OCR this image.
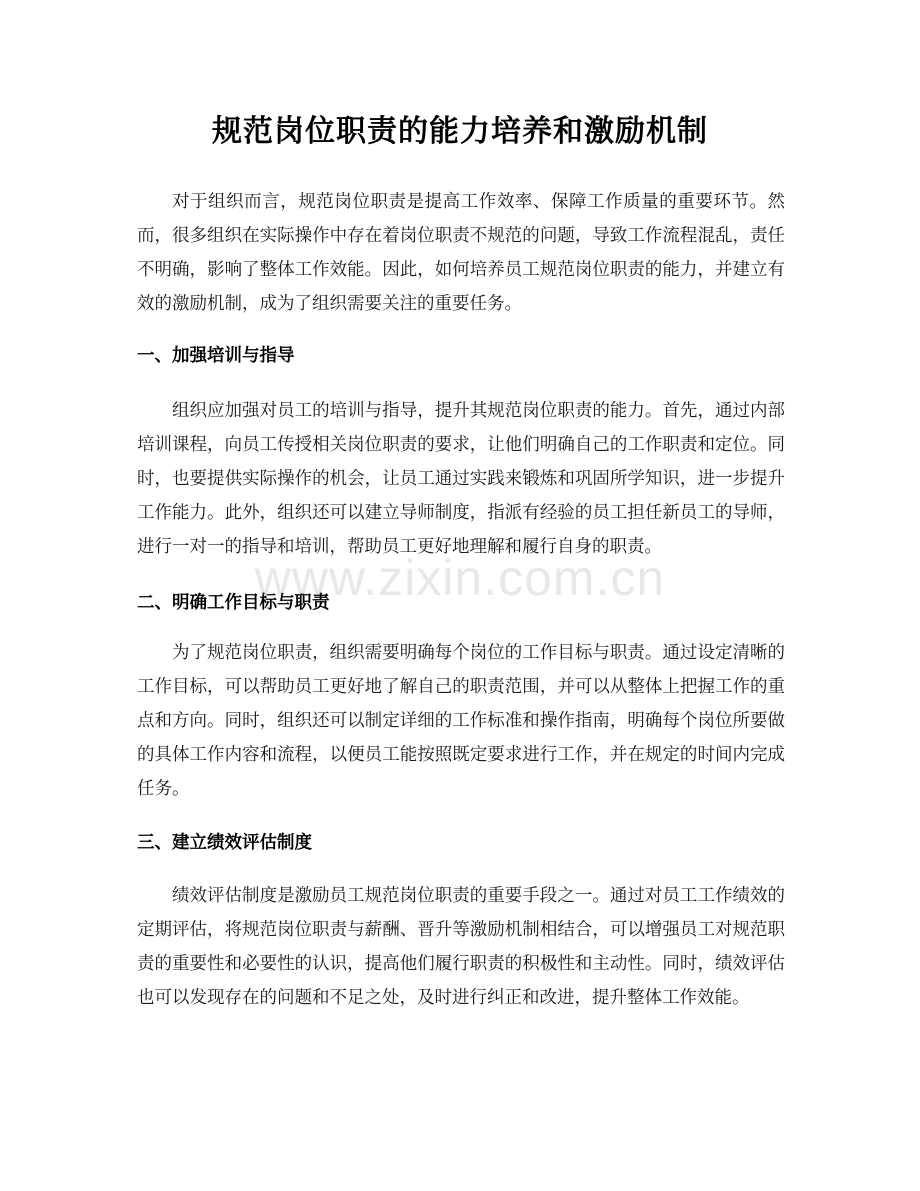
规范岗位职责的能力培养和激励机制
对于组织而言，规范岗位职责是提高工作效率、保障工作质量的重要环节。然而，很多组织在实际操作中存在着岗位职责不规范的问题，导致工作流程混乱，责任不明确，影响了整体工作效能。因此，如何培养员工规范岗位职责的能力，并建立有效的激励机制，成为了组织需要关注的重要任务。
一、加强培训与指导
组织应加强对员工的培训与指导，提升其规范岗位职责的能力。首先，通过内部培训课程，向员工传授相关岗位职责的要求，让他们明确自己的工作职责和定位。同时，也要提供实际操作的机会，让员工通过实践来锻炼和巩固所学知识，进一步提升工作能力。此外，组织还可以建立导师制度，指派有经验的员工担任新员工的导师，进行一对一的指导和培训，帮助员工更好地理解和履行自身的职责。
二、明确工作目标与职责
为了规范岗位职责，组织需要明确每个岗位的工作目标与职责。通过设定清晰的工作目标，可以帮助员工更好地了解自己的职责范围，并可以从整体上把握工作的重点和方向。同时，组织还可以制定详细的工作标准和操作指南，明确每个岗位所要做的具体工作内容和流程，以便员工能按照既定要求进行工作，并在规定的时间内完成任务。
三、建立绩效评估制度
绩效评估制度是激励员工规范岗位职责的重要手段之一。通过对员工工作绩效的定期评估，将规范岗位职责与薪酬、晋升等激励机制相结合，可以增强员工对规范职责的重要性和必要性的认识，提高他们履行职责的积极性和主动性。同时，绩效评估也可以发现存在的问题和不足之处，及时进行纠正和改进，提升整体工作效能。
www.zixin.com.cn
